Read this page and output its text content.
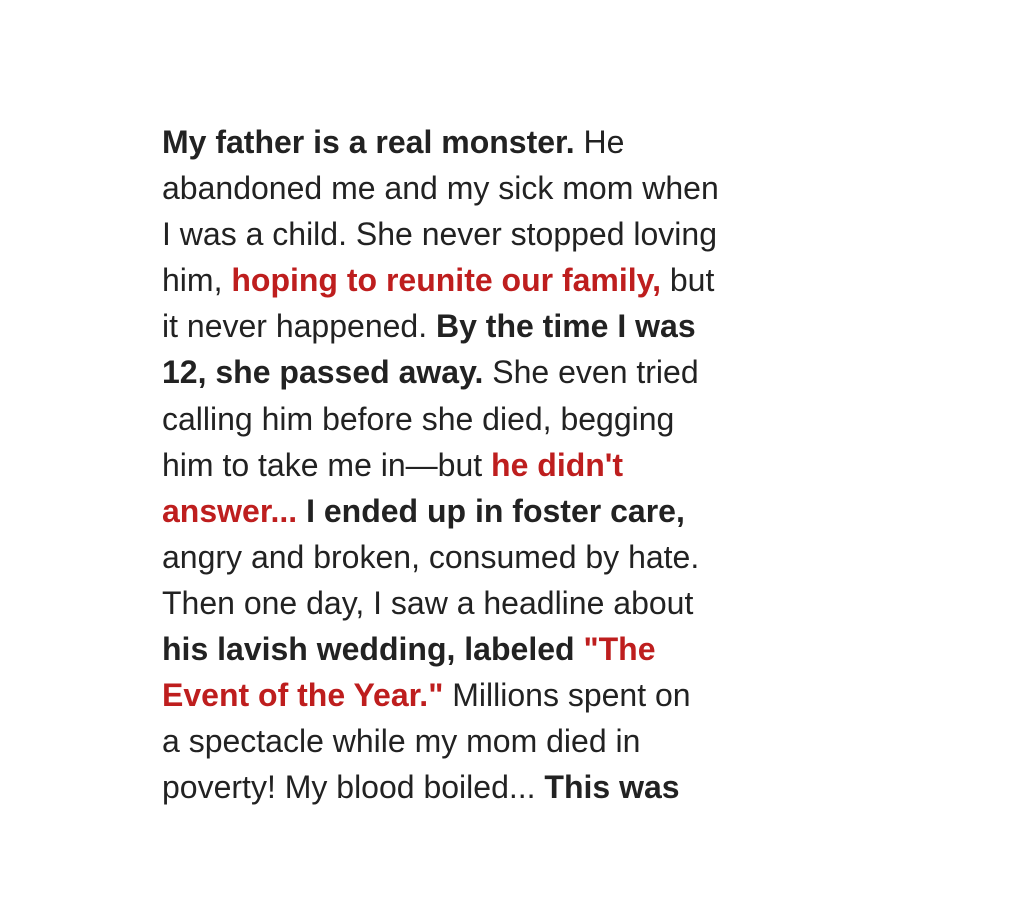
My father is a real monster. He
abandoned me and my sick mom when
I was a child. She never stopped loving
him, hoping to reunite our family, but
it never happened. By the time I was
12, she passed away. She even tried
calling him before she died, begging
him to take me in—but he didn't
answer... I ended up in foster care,
angry and broken, consumed by hate.
Then one day, I saw a headline about
his lavish wedding, labeled "The
Event of the Year." Millions spent on
a spectacle while my mom died in
poverty! My blood boiled... This was
